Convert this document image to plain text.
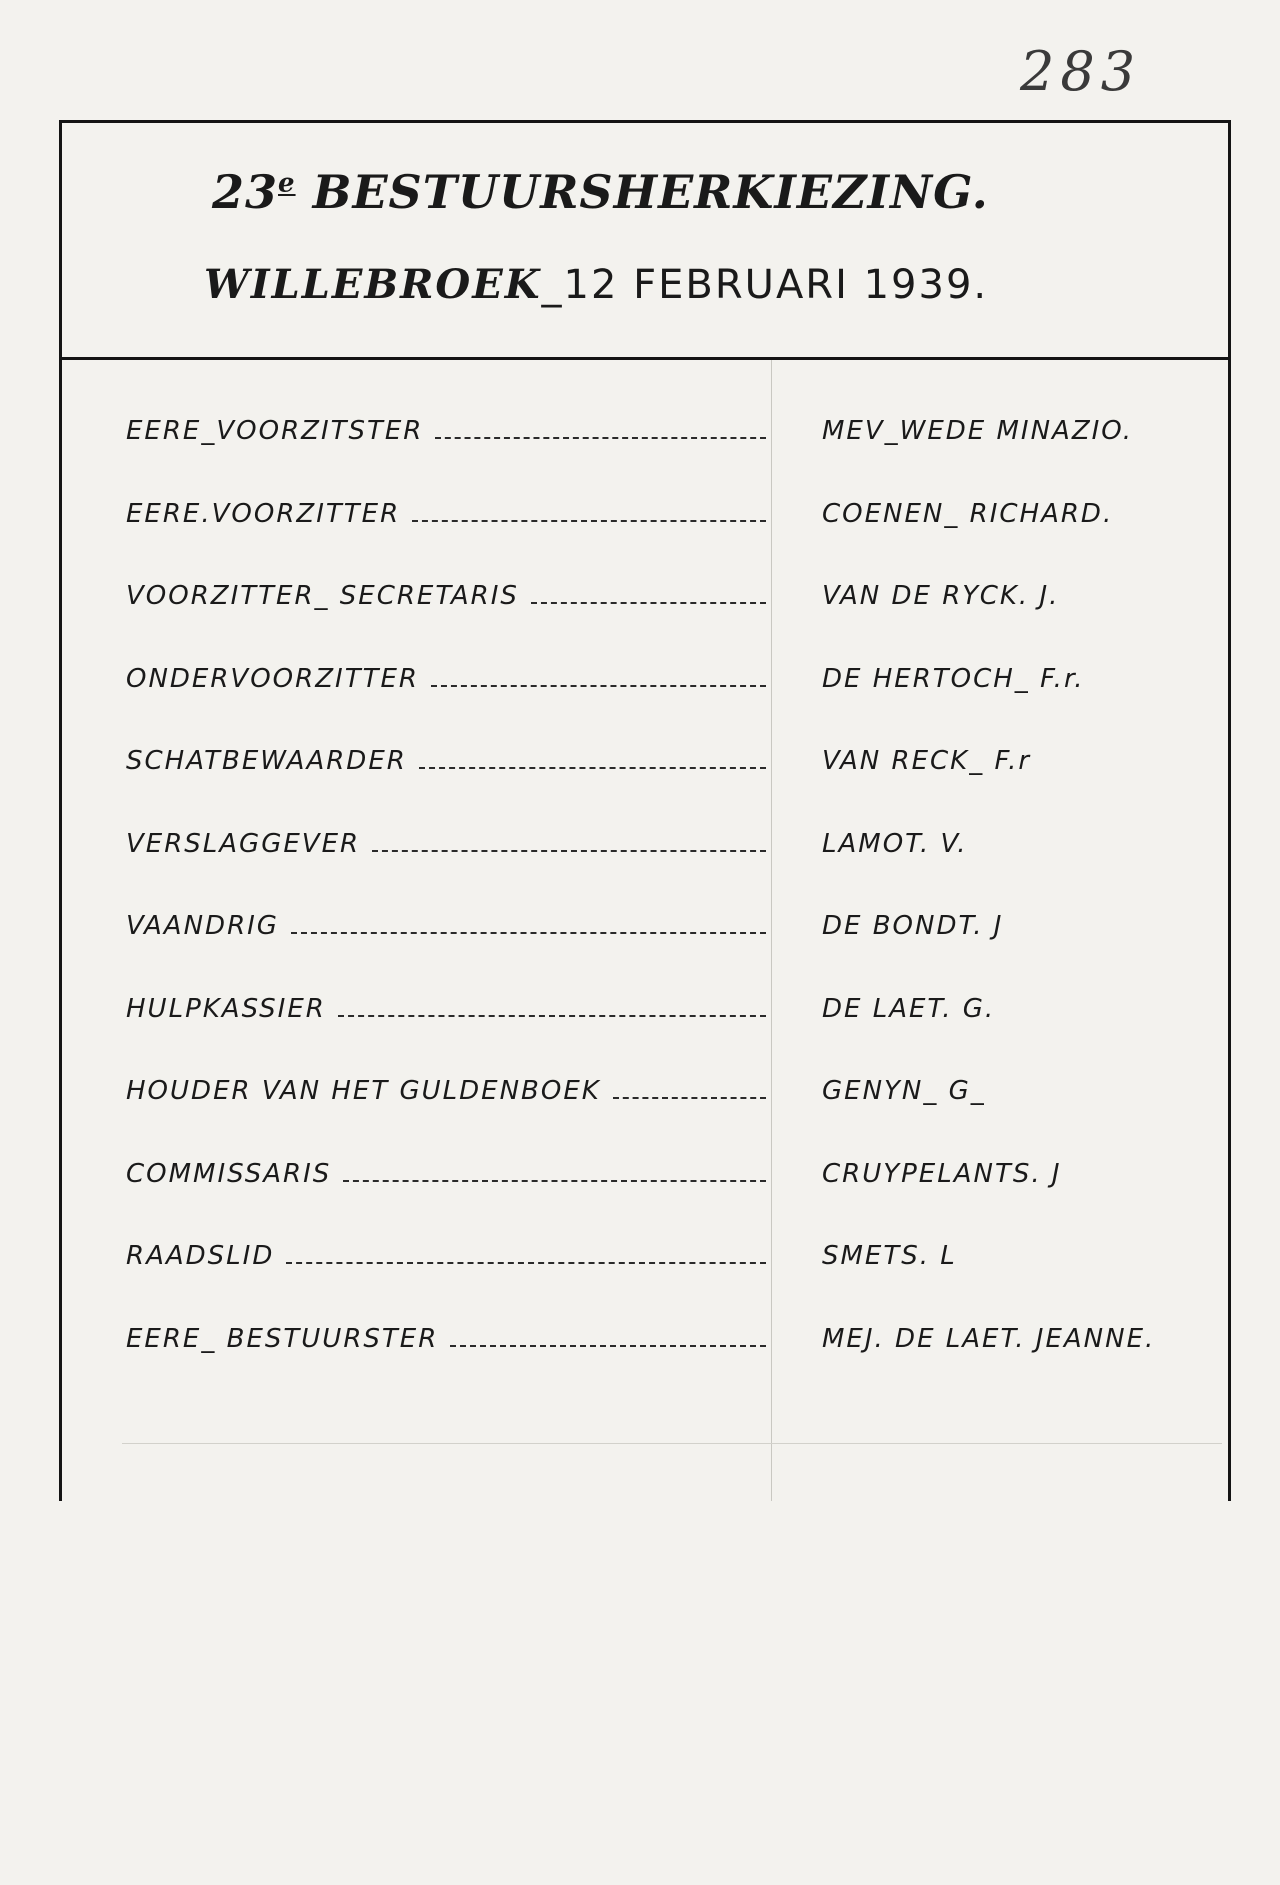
283
23e BESTUURSHERKIEZING.
WILLEBROEK_12 FEBRUARI 1939.
EERE_VOORZITSTER	MEV_WEDE MINAZIO.
EERE.VOORZITTER	COENEN_ RICHARD.
VOORZITTER_ SECRETARIS	VAN DE RYCK. J.
ONDERVOORZITTER	DE HERTOCH_ F.r.
SCHATBEWAARDER	VAN RECK_ F.r
VERSLAGGEVER	LAMOT. V.
VAANDRIG	DE BONDT. J
HULPKASSIER	DE LAET. G.
HOUDER VAN HET GULDENBOEK	GENYN_ G_
COMMISSARIS	CRUYPELANTS. J
RAADSLID	SMETS. L
EERE_ BESTUURSTER	MEJ. DE LAET. JEANNE.
